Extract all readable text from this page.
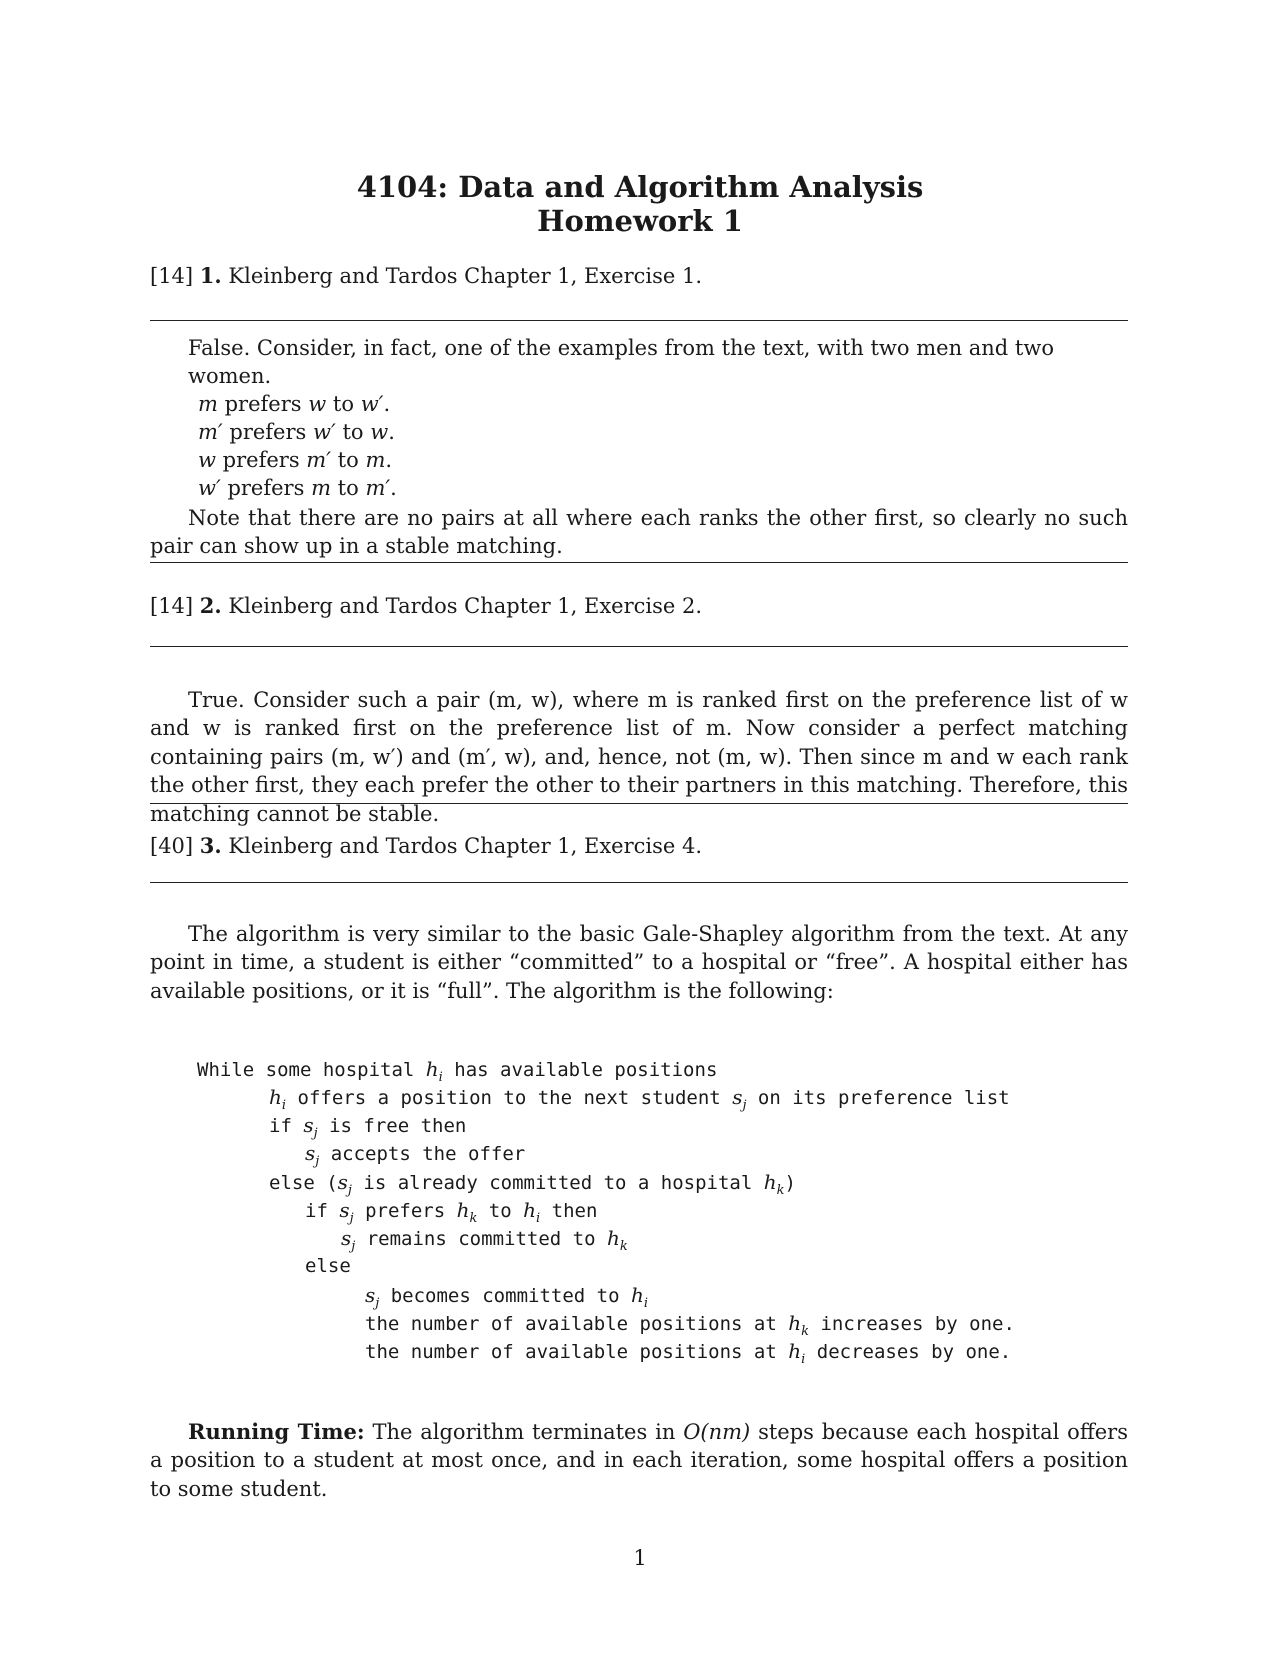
4104: Data and Algorithm Analysis
Homework 1
[14] 1. Kleinberg and Tardos Chapter 1, Exercise 1.
False. Consider, in fact, one of the examples from the text, with two men and two women.
m prefers w to w′.
m′ prefers w′ to w.
w prefers m′ to m.
w′ prefers m to m′.
Note that there are no pairs at all where each ranks the other first, so clearly no such pair can show up in a stable matching.
[14] 2. Kleinberg and Tardos Chapter 1, Exercise 2.
True. Consider such a pair (m, w), where m is ranked first on the preference list of w and w is ranked first on the preference list of m. Now consider a perfect matching containing pairs (m, w′) and (m′, w), and, hence, not (m, w). Then since m and w each rank the other first, they each prefer the other to their partners in this matching. Therefore, this matching cannot be stable.
[40] 3. Kleinberg and Tardos Chapter 1, Exercise 4.
The algorithm is very similar to the basic Gale-Shapley algorithm from the text. At any point in time, a student is either “committed” to a hospital or “free”. A hospital either has available positions, or it is “full”. The algorithm is the following:
While some hospital $h_i$ has available positions
$h_i$ offers a position to the next student $s_j$ on its preference list
if $s_j$ is free then
$s_j$ accepts the offer
else ($s_j$ is already committed to a hospital $h_k$)
if $s_j$ prefers $h_k$ to $h_i$ then
$s_j$ remains committed to $h_k$
else
$s_j$ becomes committed to $h_i$
the number of available positions at $h_k$ increases by one.
the number of available positions at $h_i$ decreases by one.
Running Time: The algorithm terminates in O(nm) steps because each hospital offers a position to a student at most once, and in each iteration, some hospital offers a position to some student.
1
